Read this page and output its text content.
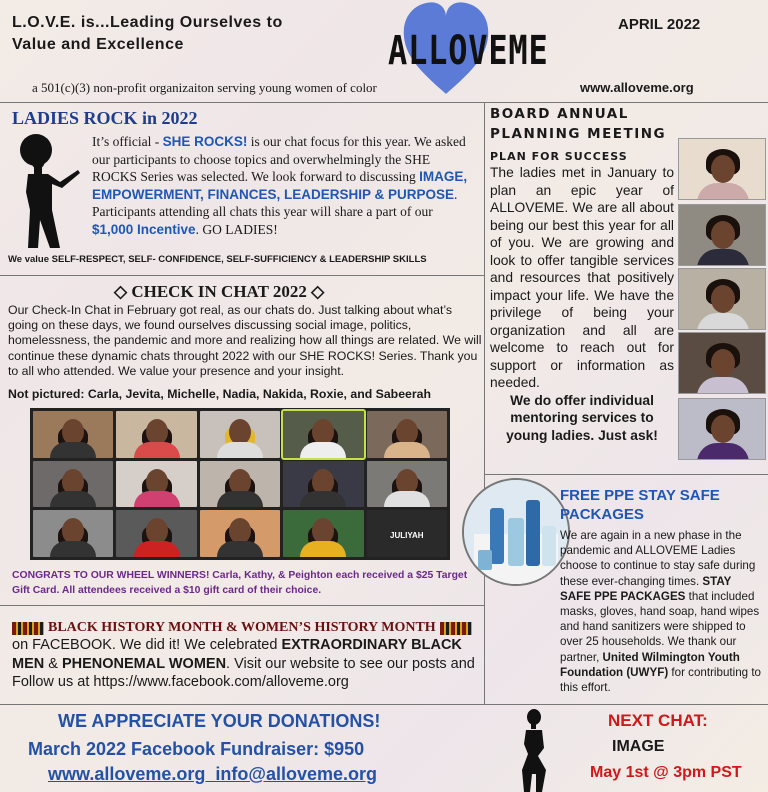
L.O.V.E. is...Leading Ourselves to
Value and Excellence	ALLOVEME
APRIL 2022
a 501(c)(3) non-profit organizaiton serving young women of color	www.alloveme.org
LADIES ROCK in 2022
It’s official - SHE ROCKS! is our chat focus for this year. We asked our participants to choose topics and overwhelmingly the SHE ROCKS Series was selected. We look forward to discussing IMAGE, EMPOWERMENT, FINANCES, LEADERSHIP & PURPOSE. Participants attending all chats this year will share a part of our $1,000 Incentive. GO LADIES!
We value SELF-RESPECT, SELF- CONFIDENCE, SELF-SUFFICIENCY & LEADERSHIP SKILLS
◇ CHECK IN CHAT 2022 ◇
Our Check-In Chat in February got real, as our chats do. Just talking about what’s going on these days, we found ourselves discussing social image, politics, homelessness, the pandemic and more and realizing how all things are related. We will continue these dynamic chats throught 2022 with our SHE ROCKS! Series. Thank you to all who attended. We value your presence and your insight.
Not pictured: Carla, Jevita, Michelle, Nadia, Nakida, Roxie, and Sabeerah
JULIYAH
CONGRATS TO OUR WHEEL WINNERS! Carla, Kathy, & Peighton each received a $25 Target Gift Card. All attendees received a $10 gift card of their choice.
BLACK HISTORY MONTH & WOMEN’S HISTORY MONTH
on FACEBOOK. We did it! We celebrated EXTRAORDINARY BLACK MEN & PHENONEMAL WOMEN. Visit our website to see our posts and Follow us at https://www.facebook.com/alloveme.org
BOARD ANNUAL PLANNING MEETING
PLAN FOR SUCCESS
The ladies met in January to plan an epic year of ALLOVEME. We are all about being our best this year for all of you. We are growing and look to offer tangible services and resources that positively impact your life. We have the privilege of being your organization and all are welcome to reach out for support or information as needed.
We do offer individual mentoring services to young ladies. Just ask!
FREE PPE STAY SAFE PACKAGES
We are again in a new phase in the pandemic and ALLOVEME Ladies choose to continue to stay safe during these ever-changing times. STAY SAFE PPE PACKAGES that included masks, gloves, hand soap, hand wipes and hand sanitizers were shipped to over 25 households. We thank our partner, United Wilmington Youth Foundation (UWYF) for contributing to this effort.
WE APPRECIATE YOUR DONATIONS!
March 2022 Facebook Fundraiser: $950
www.alloveme.org info@alloveme.org
NEXT CHAT:
IMAGE
May 1st @ 3pm PST
